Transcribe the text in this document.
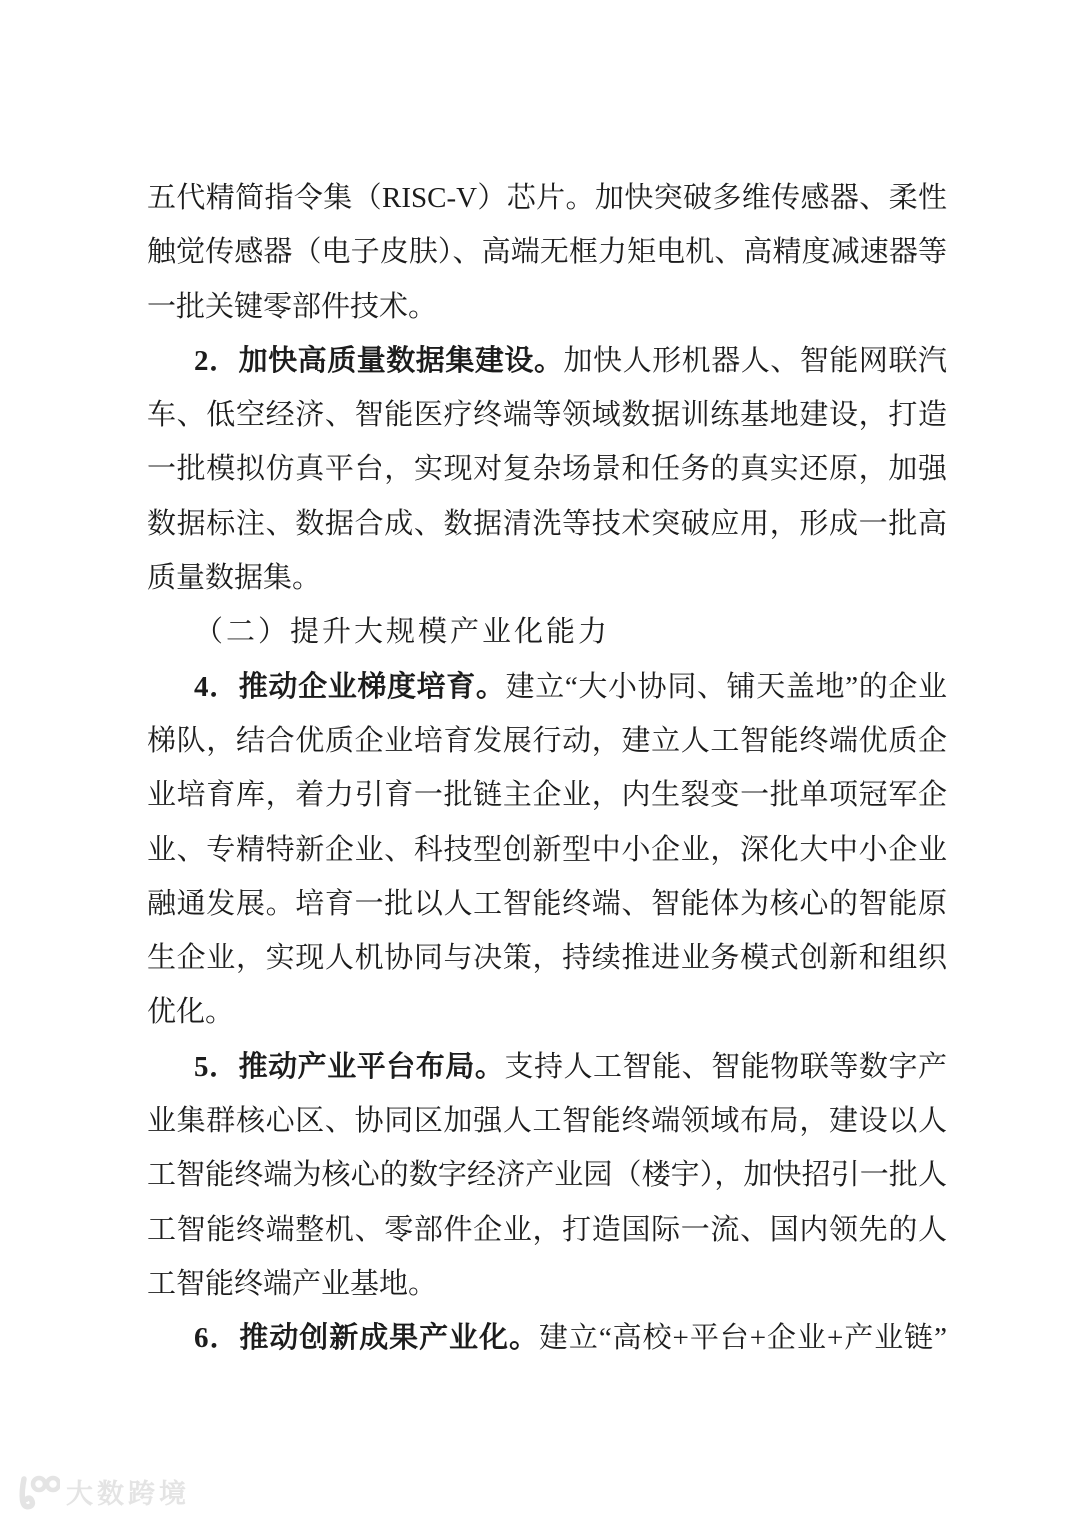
五代精简指令集（RISC-V）芯片。加快突破多维传感器、柔性
触觉传感器（电子皮肤）、高端无框力矩电机、高精度减速器等
一批关键零部件技术。
2．加快高质量数据集建设。加快人形机器人、智能网联汽
车、低空经济、智能医疗终端等领域数据训练基地建设，打造
一批模拟仿真平台，实现对复杂场景和任务的真实还原，加强
数据标注、数据合成、数据清洗等技术突破应用，形成一批高
质量数据集。
（二）提升大规模产业化能力
4．推动企业梯度培育。建立“大小协同、铺天盖地”的企业
梯队，结合优质企业培育发展行动，建立人工智能终端优质企
业培育库，着力引育一批链主企业，内生裂变一批单项冠军企
业、专精特新企业、科技型创新型中小企业，深化大中小企业
融通发展。培育一批以人工智能终端、智能体为核心的智能原
生企业，实现人机协同与决策，持续推进业务模式创新和组织
优化。
5．推动产业平台布局。支持人工智能、智能物联等数字产
业集群核心区、协同区加强人工智能终端领域布局，建设以人
工智能终端为核心的数字经济产业园（楼宇），加快招引一批人
工智能终端整机、零部件企业，打造国际一流、国内领先的人
工智能终端产业基地。
6．推动创新成果产业化。建立“高校+平台+企业+产业链”
大数跨境
